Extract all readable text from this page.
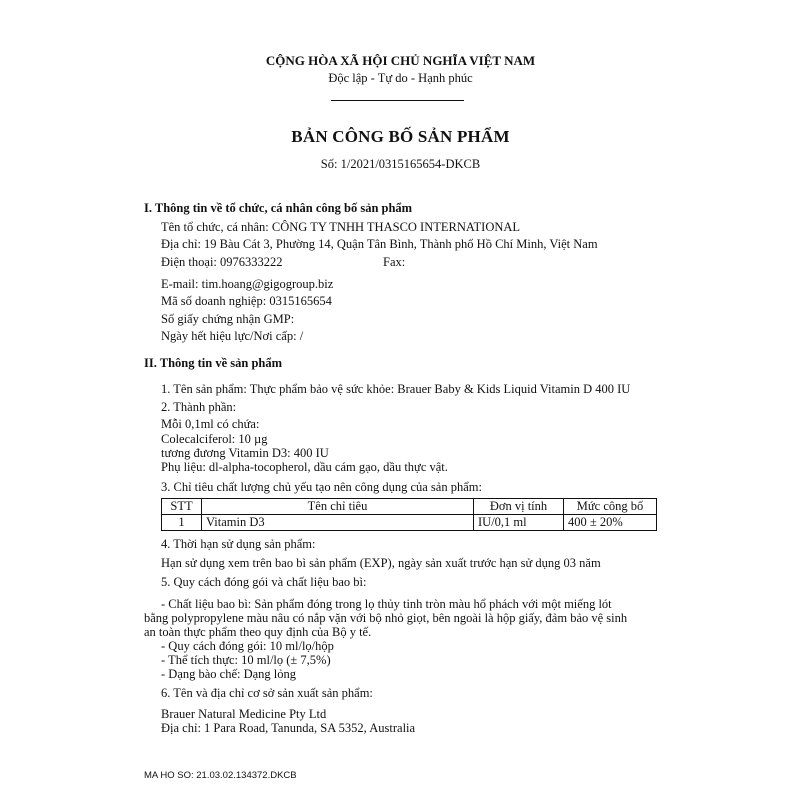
CỘNG HÒA XÃ HỘI CHỦ NGHĨA VIỆT NAM
Độc lập - Tự do - Hạnh phúc
BẢN CÔNG BỐ SẢN PHẨM
Số: 1/2021/0315165654-DKCB
I. Thông tin về tổ chức, cá nhân công bố sản phẩm
Tên tổ chức, cá nhân: CÔNG TY TNHH THASCO INTERNATIONAL
Địa chỉ: 19 Bàu Cát 3, Phường 14, Quận Tân Bình, Thành phố Hồ Chí Minh, Việt Nam
Điện thoại: 0976333222	Fax:
E-mail: tim.hoang@gigogroup.biz
Mã số doanh nghiệp: 0315165654
Số giấy chứng nhận GMP:
Ngày hết hiệu lực/Nơi cấp: /
II. Thông tin về sản phẩm
1. Tên sản phẩm: Thực phẩm bảo vệ sức khỏe: Brauer Baby & Kids Liquid Vitamin D 400 IU
2. Thành phần:
Mỗi 0,1ml có chứa:
Colecalciferol: 10 µg
tương đương Vitamin D3: 400 IU
Phụ liệu: dl-alpha-tocopherol, dầu cám gạo, dầu thực vật.
3. Chỉ tiêu chất lượng chủ yếu tạo nên công dụng của sản phẩm:
STT	Tên chỉ tiêu	Đơn vị tính	Mức công bố
1	Vitamin D3	IU/0,1 ml	400 ± 20%
4. Thời hạn sử dụng sản phẩm:
Hạn sử dụng xem trên bao bì sản phẩm (EXP), ngày sản xuất trước hạn sử dụng 03 năm
5. Quy cách đóng gói và chất liệu bao bì:
- Chất liệu bao bì: Sản phẩm đóng trong lọ thủy tinh tròn màu hổ phách với một miếng lót
bằng polypropylene màu nâu có nắp vặn với bộ nhỏ giọt, bên ngoài là hộp giấy, đảm bảo vệ sinh
an toàn thực phẩm theo quy định của Bộ y tế.
- Quy cách đóng gói: 10 ml/lọ/hộp
- Thể tích thực: 10 ml/lọ (± 7,5%)
- Dạng bào chế: Dạng lỏng
6. Tên và địa chỉ cơ sở sản xuất sản phẩm:
Brauer Natural Medicine Pty Ltd
Địa chỉ: 1 Para Road, Tanunda, SA 5352, Australia
MA HO SO: 21.03.02.134372.DKCB
